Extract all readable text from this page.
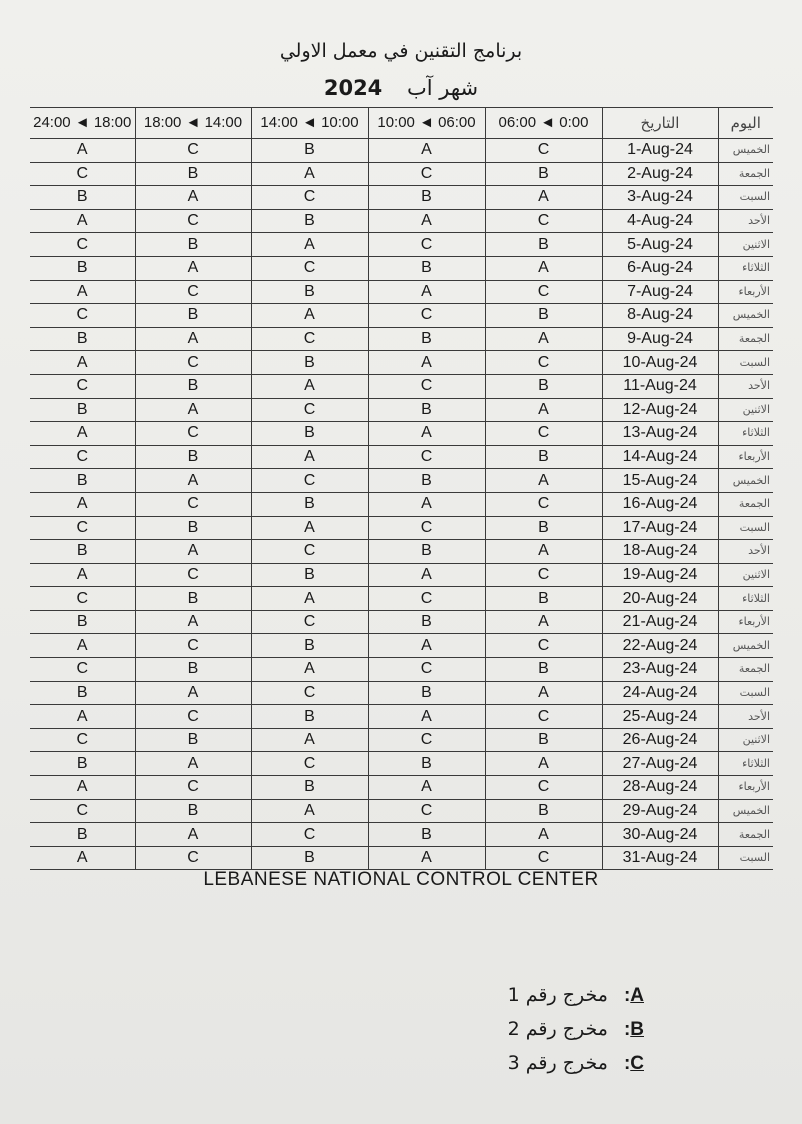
برنامج التقنين في معمل الاولي
شهر آب 2024
24:00 ◄ 18:00	18:00 ◄ 14:00	14:00 ◄ 10:00	10:00 ◄ 06:00	06:00 ◄ 0:00	التاريخ	اليوم
A	C	B	A	C	1-Aug-24	الخميس
C	B	A	C	B	2-Aug-24	الجمعة
B	A	C	B	A	3-Aug-24	السبت
A	C	B	A	C	4-Aug-24	الأحد
C	B	A	C	B	5-Aug-24	الاثنين
B	A	C	B	A	6-Aug-24	الثلاثاء
A	C	B	A	C	7-Aug-24	الأربعاء
C	B	A	C	B	8-Aug-24	الخميس
B	A	C	B	A	9-Aug-24	الجمعة
A	C	B	A	C	10-Aug-24	السبت
C	B	A	C	B	11-Aug-24	الأحد
B	A	C	B	A	12-Aug-24	الاثنين
A	C	B	A	C	13-Aug-24	الثلاثاء
C	B	A	C	B	14-Aug-24	الأربعاء
B	A	C	B	A	15-Aug-24	الخميس
A	C	B	A	C	16-Aug-24	الجمعة
C	B	A	C	B	17-Aug-24	السبت
B	A	C	B	A	18-Aug-24	الأحد
A	C	B	A	C	19-Aug-24	الاثنين
C	B	A	C	B	20-Aug-24	الثلاثاء
B	A	C	B	A	21-Aug-24	الأربعاء
A	C	B	A	C	22-Aug-24	الخميس
C	B	A	C	B	23-Aug-24	الجمعة
B	A	C	B	A	24-Aug-24	السبت
A	C	B	A	C	25-Aug-24	الأحد
C	B	A	C	B	26-Aug-24	الاثنين
B	A	C	B	A	27-Aug-24	الثلاثاء
A	C	B	A	C	28-Aug-24	الأربعاء
C	B	A	C	B	29-Aug-24	الخميس
B	A	C	B	A	30-Aug-24	الجمعة
A	C	B	A	C	31-Aug-24	السبت
LEBANESE NATIONAL CONTROL CENTER
A: مخرج رقم 1
B: مخرج رقم 2
C: مخرج رقم 3
